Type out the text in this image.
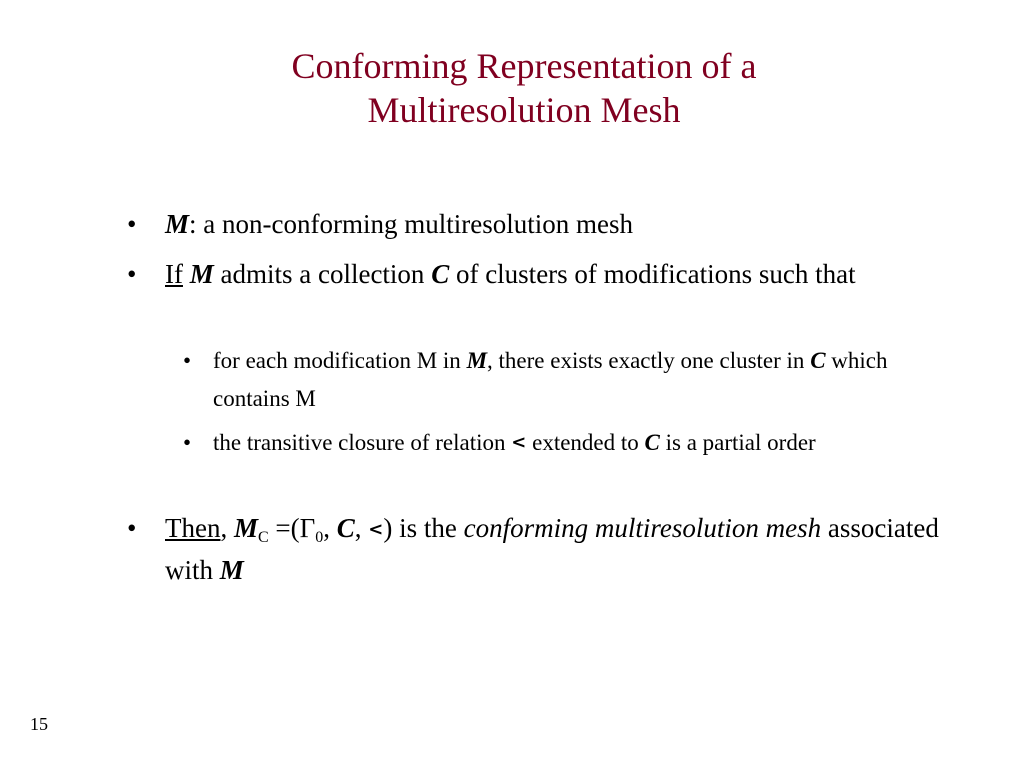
Conforming Representation of a
Multiresolution Mesh
• M: a non-conforming multiresolution mesh
• If M admits a collection C of clusters of modifications such that
• for each modification M in M, there exists exactly one cluster in C which contains M
• the transitive closure of relation < extended to C is a partial order
• Then, $M_C =(\Gamma_0$, C, <) is the conforming multiresolution mesh associated with M
15
